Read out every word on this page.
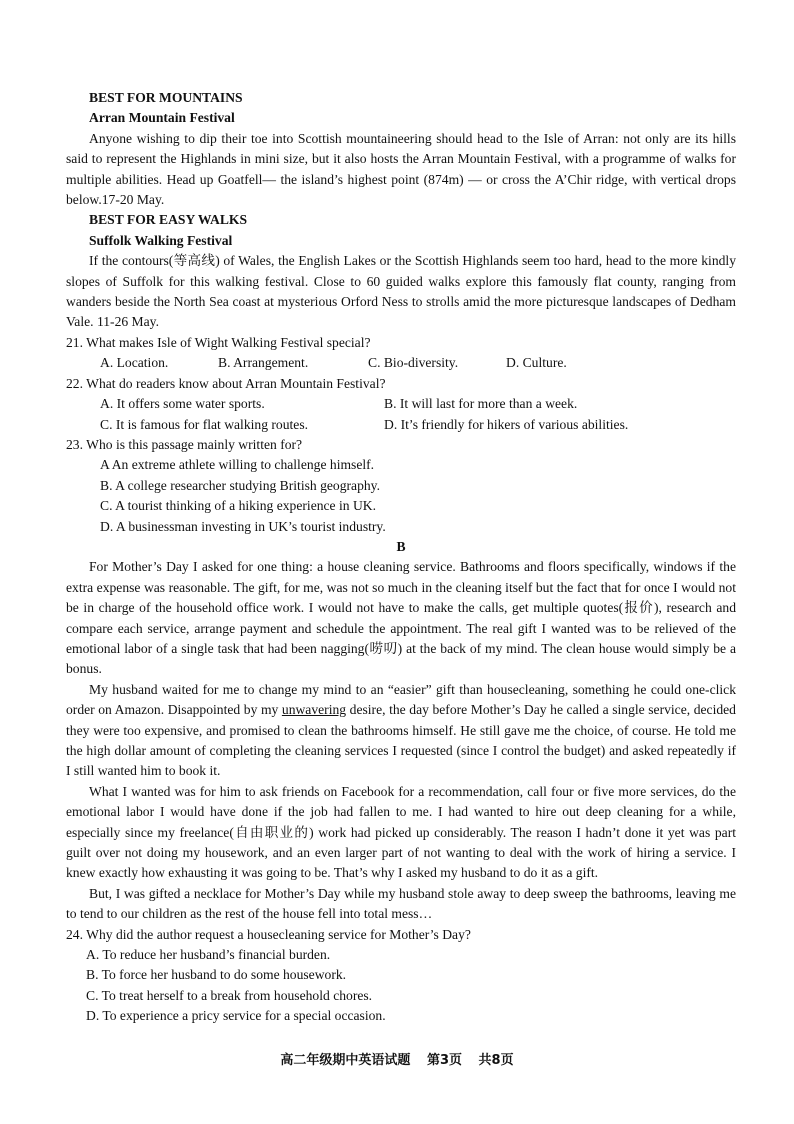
BEST FOR MOUNTAINS
Arran Mountain Festival

Anyone wishing to dip their toe into Scottish mountaineering should head to the Isle of Arran: not only are its hills said to represent the Highlands in mini size, but it also hosts the Arran Mountain Festival, with a programme of walks for multiple abilities. Head up Goatfell— the island’s highest point (874m) — or cross the A’Chir ridge, with vertical drops below.17-20 May.

BEST FOR EASY WALKS
Suffolk Walking Festival

If the contours(等高线) of Wales, the English Lakes or the Scottish Highlands seem too hard, head to the more kindly slopes of Suffolk for this walking festival. Close to 60 guided walks explore this famously flat county, ranging from wanders beside the North Sea coast at mysterious Orford Ness to strolls amid the more picturesque landscapes of Dedham Vale. 11-26 May.

21. What makes Isle of Wight Walking Festival special?
A. Location.	B. Arrangement.	C. Bio-diversity.	D. Culture.
22. What do readers know about Arran Mountain Festival?
A. It offers some water sports.	B. It will last for more than a week.
C. It is famous for flat walking routes.	D. It’s friendly for hikers of various abilities.
23. Who is this passage mainly written for?
A An extreme athlete willing to challenge himself.
B. A college researcher studying British geography.
C. A tourist thinking of a hiking experience in UK.
D. A businessman investing in UK’s tourist industry.
B

For Mother’s Day I asked for one thing: a house cleaning service. Bathrooms and floors specifically, windows if the extra expense was reasonable. The gift, for me, was not so much in the cleaning itself but the fact that for once I would not be in charge of the household office work. I would not have to make the calls, get multiple quotes(报价), research and compare each service, arrange payment and schedule the appointment. The real gift I wanted was to be relieved of the emotional labor of a single task that had been nagging(唠叨) at the back of my mind. The clean house would simply be a bonus.

My husband waited for me to change my mind to an “easier” gift than housecleaning, something he could one-click order on Amazon. Disappointed by my unwavering desire, the day before Mother’s Day he called a single service, decided they were too expensive, and promised to clean the bathrooms himself. He still gave me the choice, of course. He told me the high dollar amount of completing the cleaning services I requested (since I control the budget) and asked repeatedly if I still wanted him to book it.

What I wanted was for him to ask friends on Facebook for a recommendation, call four or five more services, do the emotional labor I would have done if the job had fallen to me. I had wanted to hire out deep cleaning for a while, especially since my freelance(自由职业的) work had picked up considerably. The reason I hadn’t done it yet was part guilt over not doing my housework, and an even larger part of not wanting to deal with the work of hiring a service. I knew exactly how exhausting it was going to be. That’s why I asked my husband to do it as a gift.

But, I was gifted a necklace for Mother’s Day while my husband stole away to deep sweep the bathrooms, leaving me to tend to our children as the rest of the house fell into total mess…

24. Why did the author request a housecleaning service for Mother’s Day?
A. To reduce her husband’s financial burden.
B. To force her husband to do some housework.
C. To treat herself to a break from household chores.
D. To experience a pricy service for a special occasion.
高二年级期中英语试题 第3页 共8页
